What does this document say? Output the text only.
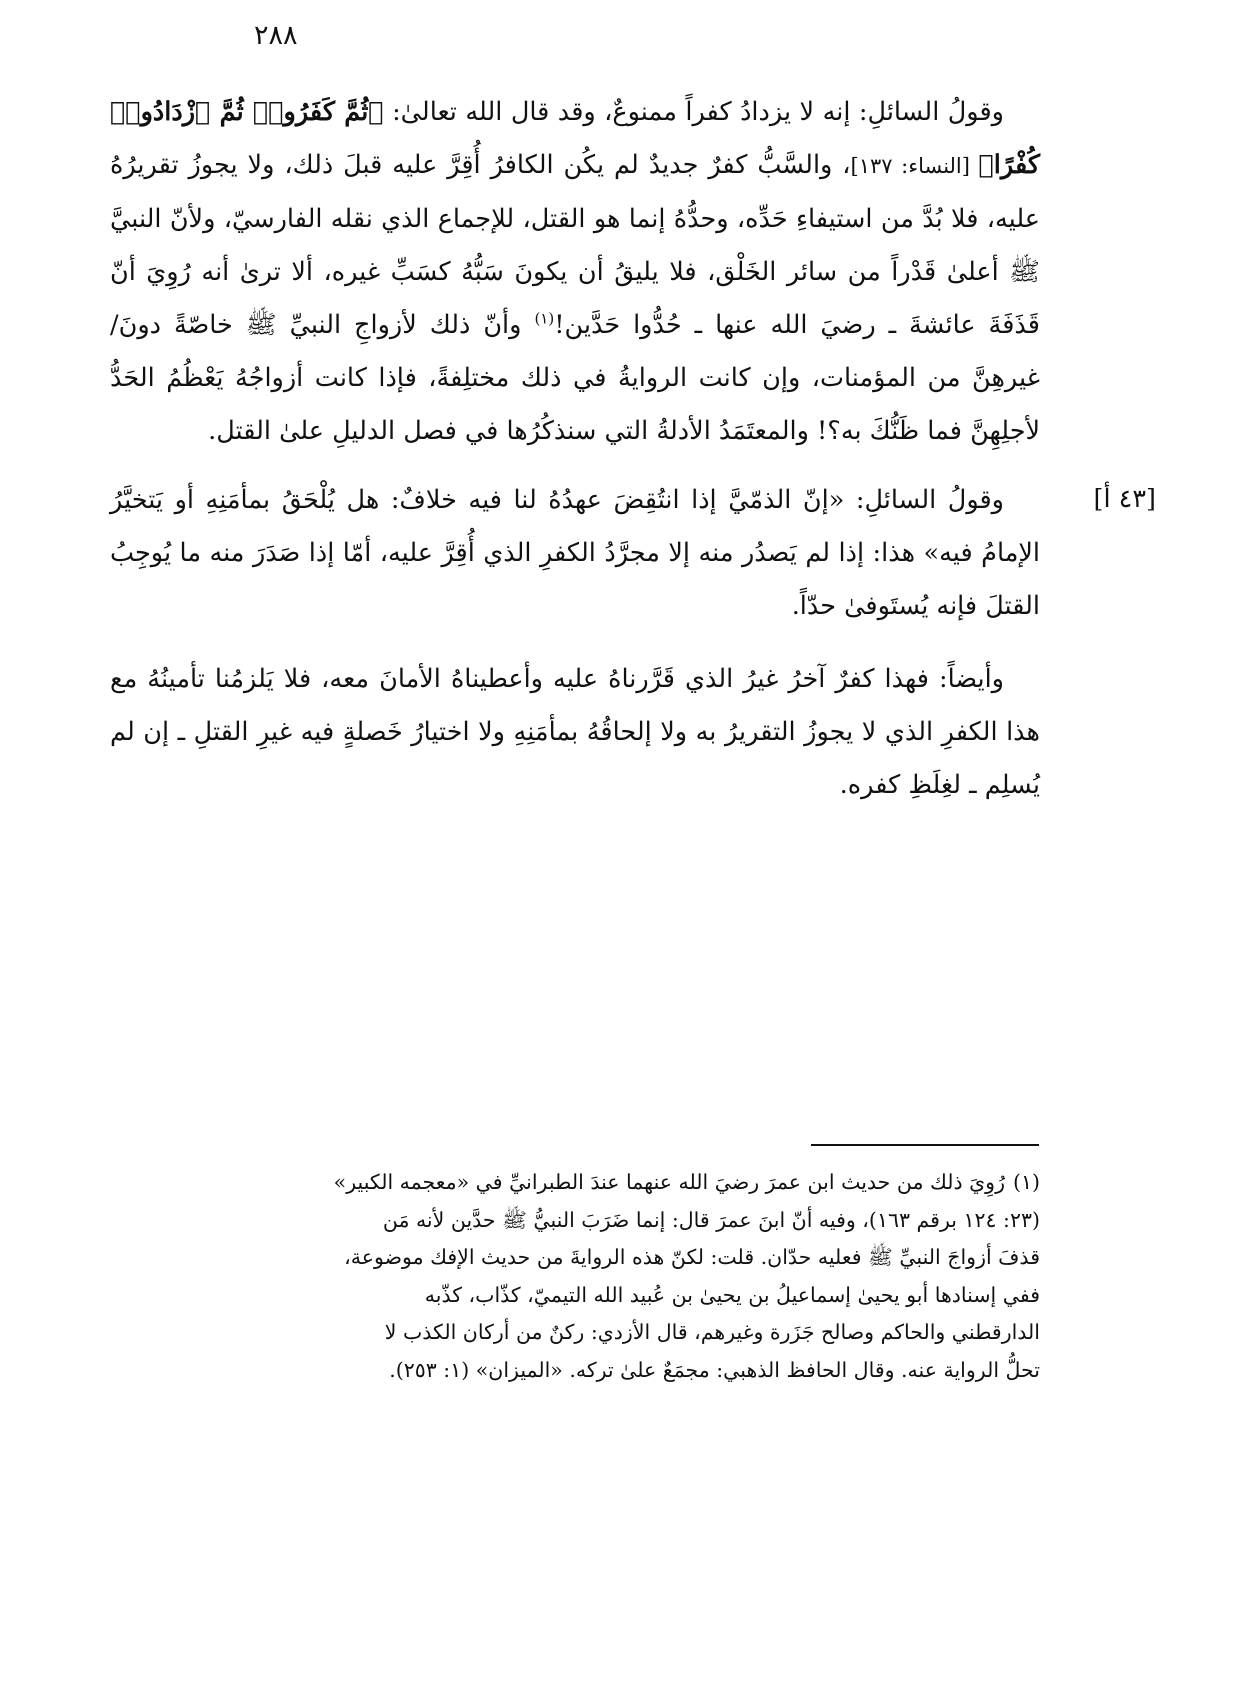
٢٨٨
[٤٣ أ]

وقولُ السائلِ: إنه لا يزدادُ كفراً ممنوعٌ، وقد قال الله تعالىٰ: ﴿ثُمَّ كَفَرُوا۟ ثُمَّ ٱزْدَادُوا۟ كُفْرًا﴾ [النساء: ١٣٧]، والسَّبُّ كفرٌ جديدٌ لم يكُن الكافرُ أُقِرَّ عليه قبلَ ذلك، ولا يجوزُ تقريرُهُ عليه، فلا بُدَّ من استيفاءِ حَدِّه، وحدُّهُ إنما هو القتل، للإجماع الذي نقله الفارسيّ، ولأنّ النبيَّ ﷺ أعلىٰ قَدْراً من سائر الخَلْق، فلا يليقُ أن يكونَ سَبُّهُ كسَبِّ غيره، ألا ترىٰ أنه رُوِيَ أنّ قَذَفَةَ عائشةَ ـ رضيَ الله عنها ـ حُدُّوا حَدَّين!$^{(١)}$ وأنّ ذلك لأزواجِ النبيِّ ﷺ خاصّةً دونَ/ غيرهِنَّ من المؤمنات، وإن كانت الروايةُ في ذلك مختلِفةً، فإذا كانت أزواجُهُ يَعْظُمُ الحَدُّ لأجلِهِنَّ فما ظَنُّكَ به؟! والمعتَمَدُ الأدلةُ التي سنذكُرُها في فصل الدليلِ علىٰ القتل.

وقولُ السائلِ: «إنّ الذمّيَّ إذا انتُقِضَ عهدُهُ لنا فيه خلافٌ: هل يُلْحَقُ بمأمَنِهِ أو يَتخيَّرُ الإمامُ فيه» هذا: إذا لم يَصدُر منه إلا مجرَّدُ الكفرِ الذي أُقِرَّ عليه، أمّا إذا صَدَرَ منه ما يُوجِبُ القتلَ فإنه يُستَوفىٰ حدّاً.

وأيضاً: فهذا كفرٌ آخرُ غيرُ الذي قَرَّرناهُ عليه وأعطيناهُ الأمانَ معه، فلا يَلزمُنا تأمينُهُ مع هذا الكفرِ الذي لا يجوزُ التقريرُ به ولا إلحاقُهُ بمأمَنِهِ ولا اختيارُ خَصلةٍ فيه غيرِ القتلِ ـ إن لم يُسلِم ـ لغِلَظِ كفره.

(١)رُوِيَ ذلك من حديث ابن عمرَ رضيَ الله عنهما عندَ الطبرانيِّ في «معجمه الكبير»
(٢٣: ١٢٤ برقم ١٦٣)، وفيه أنّ ابنَ عمرَ قال: إنما ضَرَبَ النبيُّ ﷺ حدَّين لأنه مَن
قذفَ أزواجَ النبيِّ ﷺ فعليه حدّان. قلت: لكنّ هذه الروايةَ من حديث الإفك موضوعة،
ففي إسنادها أبو يحيىٰ إسماعيلُ بن يحيىٰ بن عُبيد الله التيميّ، كذّاب، كذّبه
الدارقطني والحاكم وصالح جَزَرة وغيرهم، قال الأزدي: ركنٌ من أركان الكذب لا
تحلُّ الرواية عنه. وقال الحافظ الذهبي: مجمَعٌ علىٰ تركه. «الميزان» (١: ٢٥٣).
